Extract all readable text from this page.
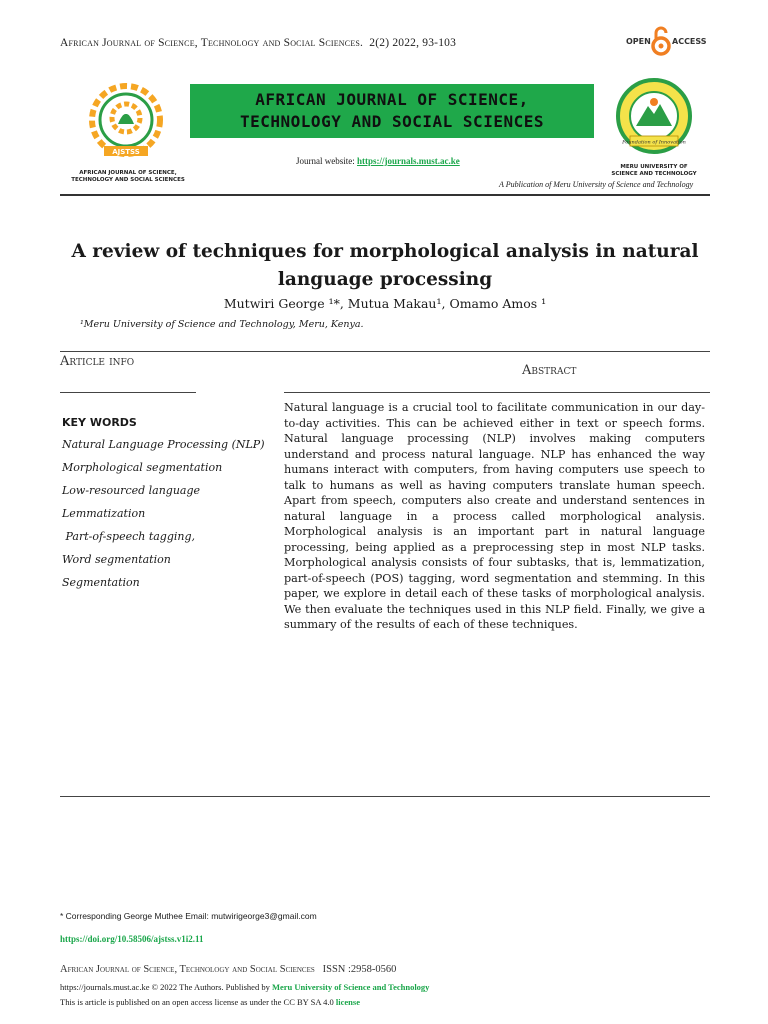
African Journal of Science, Technology and Social Sciences. 2(2) 2022, 93-103	OPEN	ACCESS
AJSTSS
AFRICAN JOURNAL OF SCIENCE,
TECHNOLOGY AND SOCIAL SCIENCES
AFRICAN JOURNAL OF SCIENCE,
TECHNOLOGY AND SOCIAL SCIENCES
Foundation of Innovation
MERU UNIVERSITY OF
SCIENCE AND TECHNOLOGY
Journal website: https://journals.must.ac.ke
A Publication of Meru University of Science and Technology
A review of techniques for morphological analysis in natural language processing
Mutwiri George ¹*, Mutua Makau¹, Omamo Amos ¹
¹Meru University of Science and Technology, Meru, Kenya.
Article info
Abstract
KEY WORDS
Natural Language Processing (NLP)
Morphological segmentation
Low-resourced language
Lemmatization
Part-of-speech tagging,
Word segmentation
Segmentation

Natural language is a crucial tool to facilitate communication in our day-to-day activities. This can be achieved either in text or speech forms. Natural language processing (NLP) involves making computers understand and process natural language. NLP has enhanced the way humans interact with computers, from having computers use speech to talk to humans as well as having computers translate human speech. Apart from speech, computers also create and understand sentences in natural language in a process called morphological analysis. Morphological analysis is an important part in natural language processing, being applied as a preprocessing step in most NLP tasks. Morphological analysis consists of four subtasks, that is, lemmatization, part-of-speech (POS) tagging, word segmentation and stemming. In this paper, we explore in detail each of these tasks of morphological analysis. We then evaluate the techniques used in this NLP field. Finally, we give a summary of the results of each of these techniques.

* Corresponding George Muthee Email: mutwirigeorge3@gmail.com
https://doi.org/10.58506/ajstss.v1i2.11
African Journal of Science, Technology and Social Sciences ISSN :2958-0560
https://journals.must.ac.ke © 2022 The Authors. Published by Meru University of Science and Technology
This is article is published on an open access license as under the CC BY SA 4.0 license
